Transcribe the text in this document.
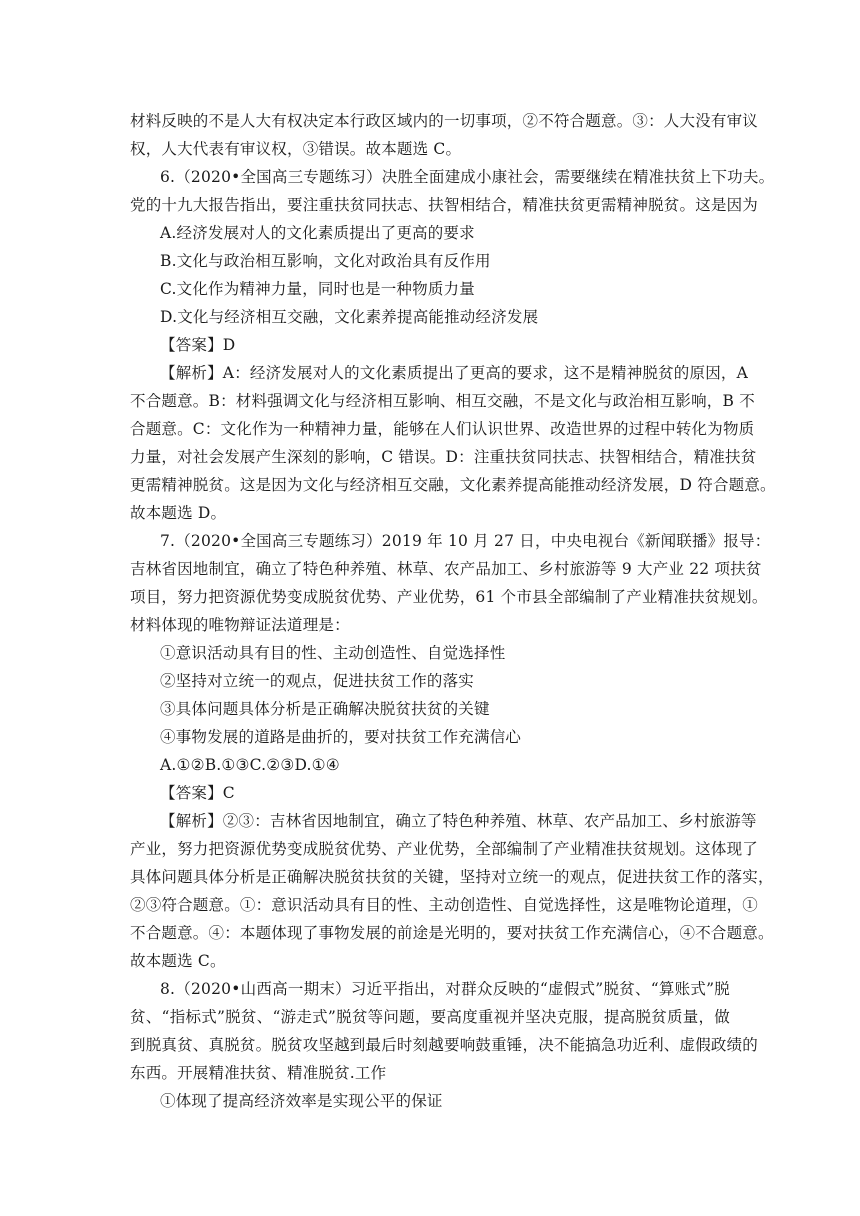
材料反映的不是人大有权决定本行政区域内的一切事项，②不符合题意。③：人大没有审议
权，人大代表有审议权，③错误。故本题选 C。
6.（2020•全国高三专题练习）决胜全面建成小康社会，需要继续在精准扶贫上下功夫。
党的十九大报告指出，要注重扶贫同扶志、扶智相结合，精准扶贫更需精神脱贫。这是因为
A.经济发展对人的文化素质提出了更高的要求
B.文化与政治相互影响，文化对政治具有反作用
C.文化作为精神力量，同时也是一种物质力量
D.文化与经济相互交融，文化素养提高能推动经济发展
【答案】D
【解析】A：经济发展对人的文化素质提出了更高的要求，这不是精神脱贫的原因，A
不合题意。B：材料强调文化与经济相互影响、相互交融，不是文化与政治相互影响，B 不
合题意。C：文化作为一种精神力量，能够在人们认识世界、改造世界的过程中转化为物质
力量，对社会发展产生深刻的影响，C 错误。D：注重扶贫同扶志、扶智相结合，精准扶贫
更需精神脱贫。这是因为文化与经济相互交融，文化素养提高能推动经济发展，D 符合题意。
故本题选 D。
7.（2020•全国高三专题练习）2019 年 10 月 27 日，中央电视台《新闻联播》报导：
吉林省因地制宜，确立了特色种养殖、林草、农产品加工、乡村旅游等 9 大产业 22 项扶贫
项目，努力把资源优势变成脱贫优势、产业优势，61 个市县全部编制了产业精准扶贫规划。
材料体现的唯物辩证法道理是：
①意识活动具有目的性、主动创造性、自觉选择性
②坚持对立统一的观点，促进扶贫工作的落实
③具体问题具体分析是正确解决脱贫扶贫的关键
④事物发展的道路是曲折的，要对扶贫工作充满信心
A.①②B.①③C.②③D.①④
【答案】C
【解析】②③：吉林省因地制宜，确立了特色种养殖、林草、农产品加工、乡村旅游等
产业，努力把资源优势变成脱贫优势、产业优势，全部编制了产业精准扶贫规划。这体现了
具体问题具体分析是正确解决脱贫扶贫的关键，坚持对立统一的观点，促进扶贫工作的落实，
②③符合题意。①：意识活动具有目的性、主动创造性、自觉选择性，这是唯物论道理，①
不合题意。④：本题体现了事物发展的前途是光明的，要对扶贫工作充满信心，④不合题意。
故本题选 C。
8.（2020•山西高一期末）习近平指出，对群众反映的“虚假式”脱贫、“算账式”脱
贫、“指标式”脱贫、“游走式”脱贫等问题，要高度重视并坚决克服，提高脱贫质量，做
到脱真贫、真脱贫。脱贫攻坚越到最后时刻越要响鼓重锤，决不能搞急功近利、虚假政绩的
东西。开展精准扶贫、精准脱贫.工作
①体现了提高经济效率是实现公平的保证
